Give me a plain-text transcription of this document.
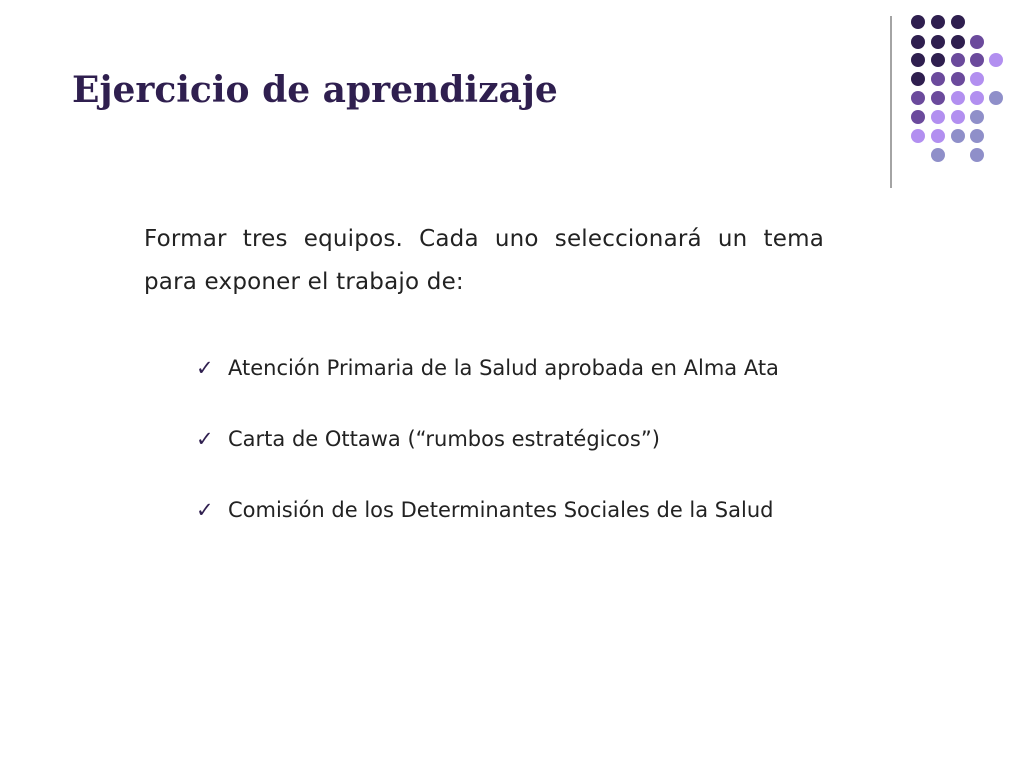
Ejercicio de aprendizaje

Formar tres equipos. Cada uno seleccionará un tema para exponer el trabajo de:

✓ Atención Primaria de la Salud aprobada en Alma Ata
✓ Carta de Ottawa (“rumbos estratégicos”)
✓ Comisión de los Determinantes Sociales de la Salud
